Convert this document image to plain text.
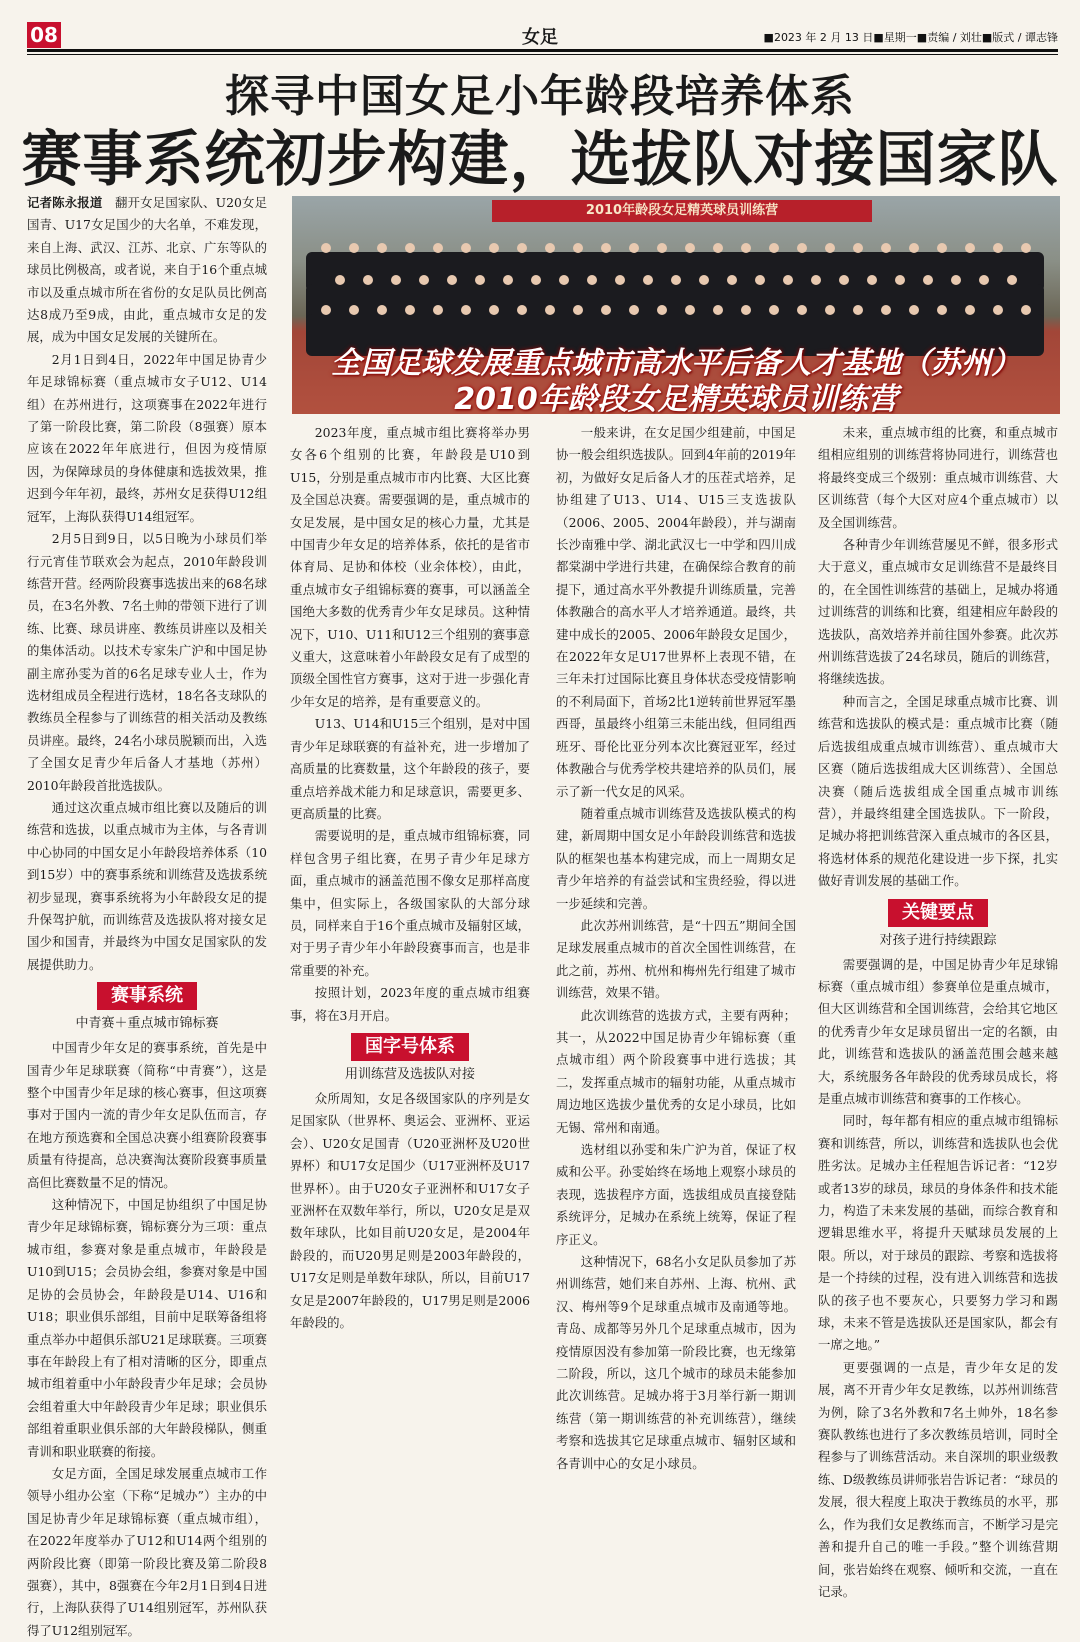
08	女足	■2023 年 2 月 13 日■星期一■责编 / 刘壮■版式 / 谭志锋
探寻中国女足小年龄段培养体系
赛事系统初步构建，选拔队对接国家队
2010年龄段女足精英球员训练营
全国足球发展重点城市高水平后备人才基地（苏州）
2010年龄段女足精英球员训练营

记者陈永报道　 翻开女足国家队、U20女足国青、U17女足国少的大名单，不难发现，来自上海、武汉、江苏、北京、广东等队的球员比例极高，或者说，来自于16个重点城市以及重点城市所在省份的女足队员比例高达8成乃至9成，由此，重点城市女足的发展，成为中国女足发展的关键所在。

2月1日到4日，2022年中国足协青少年足球锦标赛（重点城市女子U12、U14组）在苏州进行，这项赛事在2022年进行了第一阶段比赛，第二阶段（8强赛）原本应该在2022年年底进行，但因为疫情原因，为保障球员的身体健康和选拔效果，推迟到今年年初，最终，苏州女足获得U12组冠军，上海队获得U14组冠军。

2月5日到9日，以5日晚为小球员们举行元宵佳节联欢会为起点，2010年龄段训练营开营。经两阶段赛事选拔出来的68名球员，在3名外教、7名土帅的带领下进行了训练、比赛、球员讲座、教练员讲座以及相关的集体活动。以技术专家朱广沪和中国足协副主席孙雯为首的6名足球专业人士，作为选材组成员全程进行选材，18名各支球队的教练员全程参与了训练营的相关活动及教练员讲座。最终，24名小球员脱颖而出，入选了全国女足青少年后备人才基地（苏州）2010年龄段首批选拔队。

通过这次重点城市组比赛以及随后的训练营和选拔，以重点城市为主体，与各青训中心协同的中国女足小年龄段培养体系（10到15岁）中的赛事系统和训练营及选拔系统初步显现，赛事系统将为小年龄段女足的提升保驾护航，而训练营及选拔队将对接女足国少和国青，并最终为中国女足国家队的发展提供助力。

赛事系统
中青赛＋重点城市锦标赛

中国青少年女足的赛事系统，首先是中国青少年足球联赛（简称“中青赛”），这是整个中国青少年足球的核心赛事，但这项赛事对于国内一流的青少年女足队伍而言，存在地方预选赛和全国总决赛小组赛阶段赛事质量有待提高，总决赛淘汰赛阶段赛事质量高但比赛数量不足的情况。

这种情况下，中国足协组织了中国足协青少年足球锦标赛，锦标赛分为三项：重点城市组，参赛对象是重点城市，年龄段是U10到U15；会员协会组，参赛对象是中国足协的会员协会，年龄段是U14、U16和U18；职业俱乐部组，目前中足联筹备组将重点举办中超俱乐部U21足球联赛。三项赛事在年龄段上有了相对清晰的区分，即重点城市组着重中小年龄段青少年足球；会员协会组着重大中年龄段青少年足球；职业俱乐部组着重职业俱乐部的大年龄段梯队，侧重青训和职业联赛的衔接。

女足方面，全国足球发展重点城市工作领导小组办公室（下称“足城办”）主办的中国足协青少年足球锦标赛（重点城市组），在2022年度举办了U12和U14两个组别的两阶段比赛（即第一阶段比赛及第二阶段8强赛），其中，8强赛在今年2月1日到4日进行，上海队获得了U14组别冠军，苏州队获得了U12组别冠军。

2023年度，重点城市组比赛将举办男女各6个组别的比赛，年龄段是U10到U15，分别是重点城市市内比赛、大区比赛及全国总决赛。需要强调的是，重点城市的女足发展，是中国女足的核心力量，尤其是中国青少年女足的培养体系，依托的是省市体育局、足协和体校（业余体校），由此，重点城市女子组锦标赛的赛事，可以涵盖全国绝大多数的优秀青少年女足球员。这种情况下，U10、U11和U12三个组别的赛事意义重大，这意味着小年龄段女足有了成型的顶级全国性官方赛事，这对于进一步强化青少年女足的培养，是有重要意义的。

U13、U14和U15三个组别，是对中国青少年足球联赛的有益补充，进一步增加了高质量的比赛数量，这个年龄段的孩子，要重点培养战术能力和足球意识，需要更多、更高质量的比赛。

需要说明的是，重点城市组锦标赛，同样包含男子组比赛，在男子青少年足球方面，重点城市的涵盖范围不像女足那样高度集中，但实际上，各级国家队的大部分球员，同样来自于16个重点城市及辐射区域，对于男子青少年小年龄段赛事而言，也是非常重要的补充。

按照计划，2023年度的重点城市组赛事，将在3月开启。

国字号体系
用训练营及选拔队对接

众所周知，女足各级国家队的序列是女足国家队（世界杯、奥运会、亚洲杯、亚运会）、U20女足国青（U20亚洲杯及U20世界杯）和U17女足国少（U17亚洲杯及U17世界杯）。由于U20女子亚洲杯和U17女子亚洲杯在双数年举行，所以，U20女足是双数年球队，比如目前U20女足，是2004年龄段的，而U20男足则是2003年龄段的，U17女足则是单数年球队，所以，目前U17女足是2007年龄段的，U17男足则是2006年龄段的。

一般来讲，在女足国少组建前，中国足协一般会组织选拔队。回到4年前的2019年初，为做好女足后备人才的压茬式培养，足协组建了U13、U14、U15三支选拔队（2006、2005、2004年龄段），并与湖南长沙南雅中学、湖北武汉七一中学和四川成都棠湖中学进行共建，在确保综合教育的前提下，通过高水平外教提升训练质量，完善体教融合的高水平人才培养通道。最终，共建中成长的2005、2006年龄段女足国少，在2022年女足U17世界杯上表现不错，在三年未打过国际比赛且身体状态受疫情影响的不利局面下，首场2比1逆转前世界冠军墨西哥，虽最终小组第三未能出线，但同组西班牙、哥伦比亚分列本次比赛冠亚军，经过体教融合与优秀学校共建培养的队员们，展示了新一代女足的风采。

随着重点城市训练营及选拔队模式的构建，新周期中国女足小年龄段训练营和选拔队的框架也基本构建完成，而上一周期女足青少年培养的有益尝试和宝贵经验，得以进一步延续和完善。

此次苏州训练营，是“十四五”期间全国足球发展重点城市的首次全国性训练营，在此之前，苏州、杭州和梅州先行组建了城市训练营，效果不错。

此次训练营的选拔方式，主要有两种；其一，从2022中国足协青少年锦标赛（重点城市组）两个阶段赛事中进行选拔；其二，发挥重点城市的辐射功能，从重点城市周边地区选拔少量优秀的女足小球员，比如无锡、常州和南通。

选材组以孙雯和朱广沪为首，保证了权威和公平。孙雯始终在场地上观察小球员的表现，选拔程序方面，选拔组成员直接登陆系统评分，足城办在系统上统筹，保证了程序正义。

这种情况下，68名小女足队员参加了苏州训练营，她们来自苏州、上海、杭州、武汉、梅州等9个足球重点城市及南通等地。青岛、成都等另外几个足球重点城市，因为疫情原因没有参加第一阶段比赛，也无缘第二阶段，所以，这几个城市的球员未能参加此次训练营。足城办将于3月举行新一期训练营（第一期训练营的补充训练营），继续考察和选拔其它足球重点城市、辐射区域和各青训中心的女足小球员。

未来，重点城市组的比赛，和重点城市组相应组别的训练营将协同进行，训练营也将最终变成三个级别：重点城市训练营、大区训练营（每个大区对应4个重点城市）以及全国训练营。

各种青少年训练营屡见不鲜，很多形式大于意义，重点城市女足训练营不是最终目的，在全国性训练营的基础上，足城办将通过训练营的训练和比赛，组建相应年龄段的选拔队，高效培养并前往国外参赛。此次苏州训练营选拔了24名球员，随后的训练营，将继续选拔。

种而言之，全国足球重点城市比赛、训练营和选拔队的模式是：重点城市比赛（随后选拔组成重点城市训练营）、重点城市大区赛（随后选拔组成大区训练营）、全国总决赛（随后选拔组成全国重点城市训练营），并最终组建全国选拔队。下一阶段，足城办将把训练营深入重点城市的各区县，将选材体系的规范化建设进一步下探，扎实做好青训发展的基础工作。

关键要点
对孩子进行持续跟踪

需要强调的是，中国足协青少年足球锦标赛（重点城市组）参赛单位是重点城市，但大区训练营和全国训练营，会给其它地区的优秀青少年女足球员留出一定的名额，由此，训练营和选拔队的涵盖范围会越来越大，系统服务各年龄段的优秀球员成长，将是重点城市训练营和赛事的工作核心。

同时，每年都有相应的重点城市组锦标赛和训练营，所以，训练营和选拔队也会优胜劣汰。足城办主任程旭告诉记者：“12岁或者13岁的球员，球员的身体条件和技术能力，构造了未来发展的基础，而综合教育和逻辑思维水平，将提升天赋球员发展的上限。所以，对于球员的跟踪、考察和选拔将是一个持续的过程，没有进入训练营和选拔队的孩子也不要灰心，只要努力学习和踢球，未来不管是选拔队还是国家队，都会有一席之地。”

更要强调的一点是，青少年女足的发展，离不开青少年女足教练，以苏州训练营为例，除了3名外教和7名土帅外，18名参赛队教练也进行了多次教练员培训，同时全程参与了训练营活动。来自深圳的职业级教练、D级教练员讲师张岩告诉记者：“球员的发展，很大程度上取决于教练员的水平，那么，作为我们女足教练而言，不断学习是完善和提升自己的唯一手段。”整个训练营期间，张岩始终在观察、倾听和交流，一直在记录。
